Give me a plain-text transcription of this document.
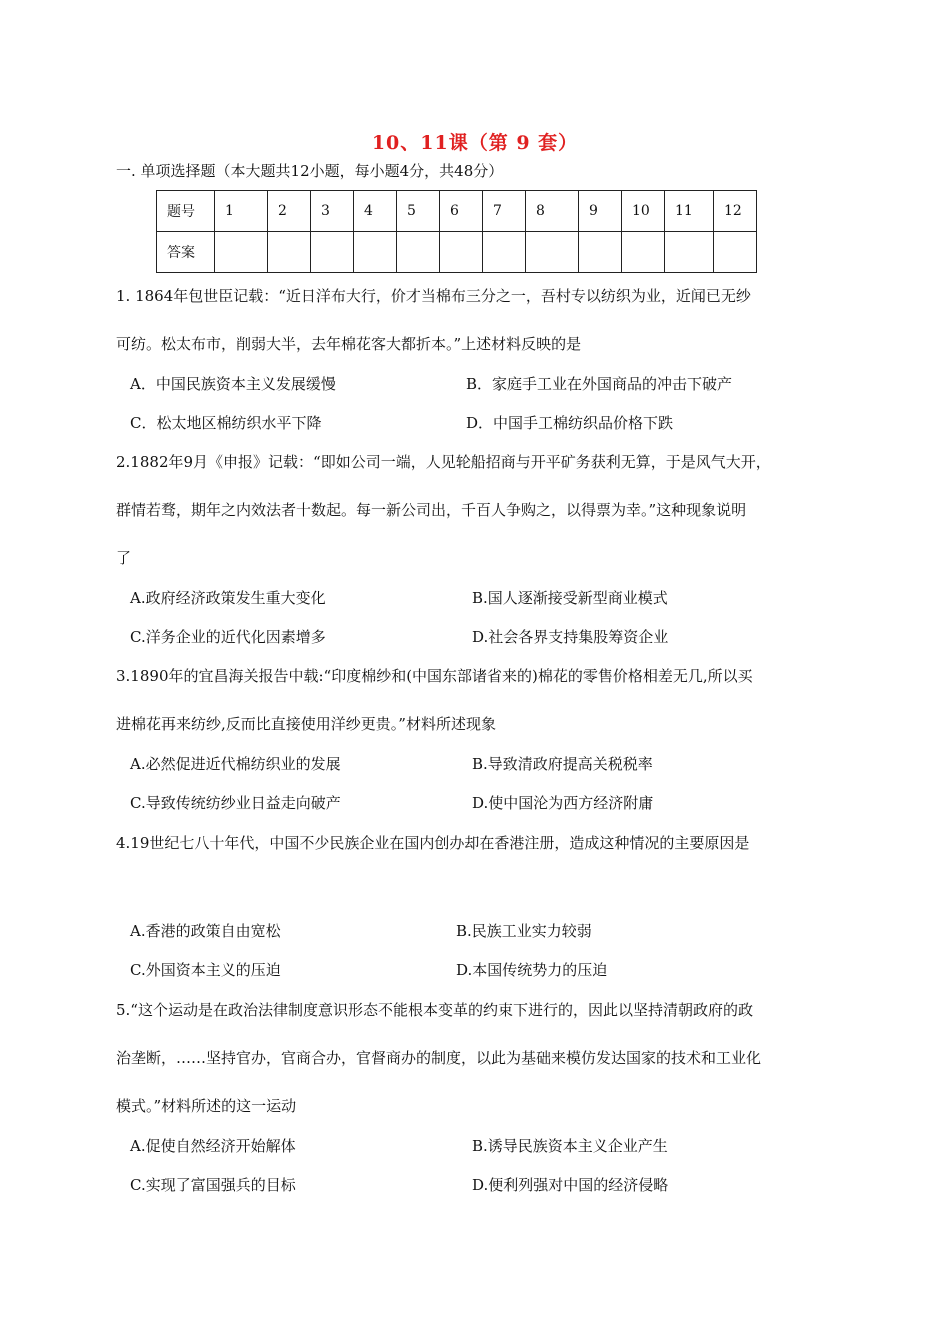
10、11课（第 9 套）
一. 单项选择题（本大题共12小题，每小题4分，共48分）
题号	1	2	3	4	5	6	7	8	9	10	11	12
答案												
1. 1864年包世臣记载：“近日洋布大行，价才当棉布三分之一，吾村专以纺织为业，近闻已无纱
可纺。松太布市，削弱大半，去年棉花客大都折本。”上述材料反映的是
A．中国民族资本主义发展缓慢	B．家庭手工业在外国商品的冲击下破产
C．松太地区棉纺织水平下降	D．中国手工棉纺织品价格下跌
2.1882年9月《申报》记载：“即如公司一端，人见轮船招商与开平矿务获利无算，于是风气大开，
群情若骛，期年之内效法者十数起。每一新公司出，千百人争购之，以得票为幸。”这种现象说明
了
A.政府经济政策发生重大变化	B.国人逐渐接受新型商业模式
C.洋务企业的近代化因素增多	D.社会各界支持集股筹资企业
3.1890年的宜昌海关报告中载:“印度棉纱和(中国东部诸省来的)棉花的零售价格相差无几,所以买
进棉花再来纺纱,反而比直接使用洋纱更贵。”材料所述现象
A.必然促进近代棉纺织业的发展	B.导致清政府提高关税税率
C.导致传统纺纱业日益走向破产	D.使中国沦为西方经济附庸
4.19世纪七八十年代，中国不少民族企业在国内创办却在香港注册，造成这种情况的主要原因是
A.香港的政策自由宽松	B.民族工业实力较弱
C.外国资本主义的压迫	D.本国传统势力的压迫
5.“这个运动是在政治法律制度意识形态不能根本变革的约束下进行的，因此以坚持清朝政府的政
治垄断，……坚持官办，官商合办，官督商办的制度，以此为基础来模仿发达国家的技术和工业化
模式。”材料所述的这一运动
A.促使自然经济开始解体	B.诱导民族资本主义企业产生
C.实现了富国强兵的目标	D.便利列强对中国的经济侵略
